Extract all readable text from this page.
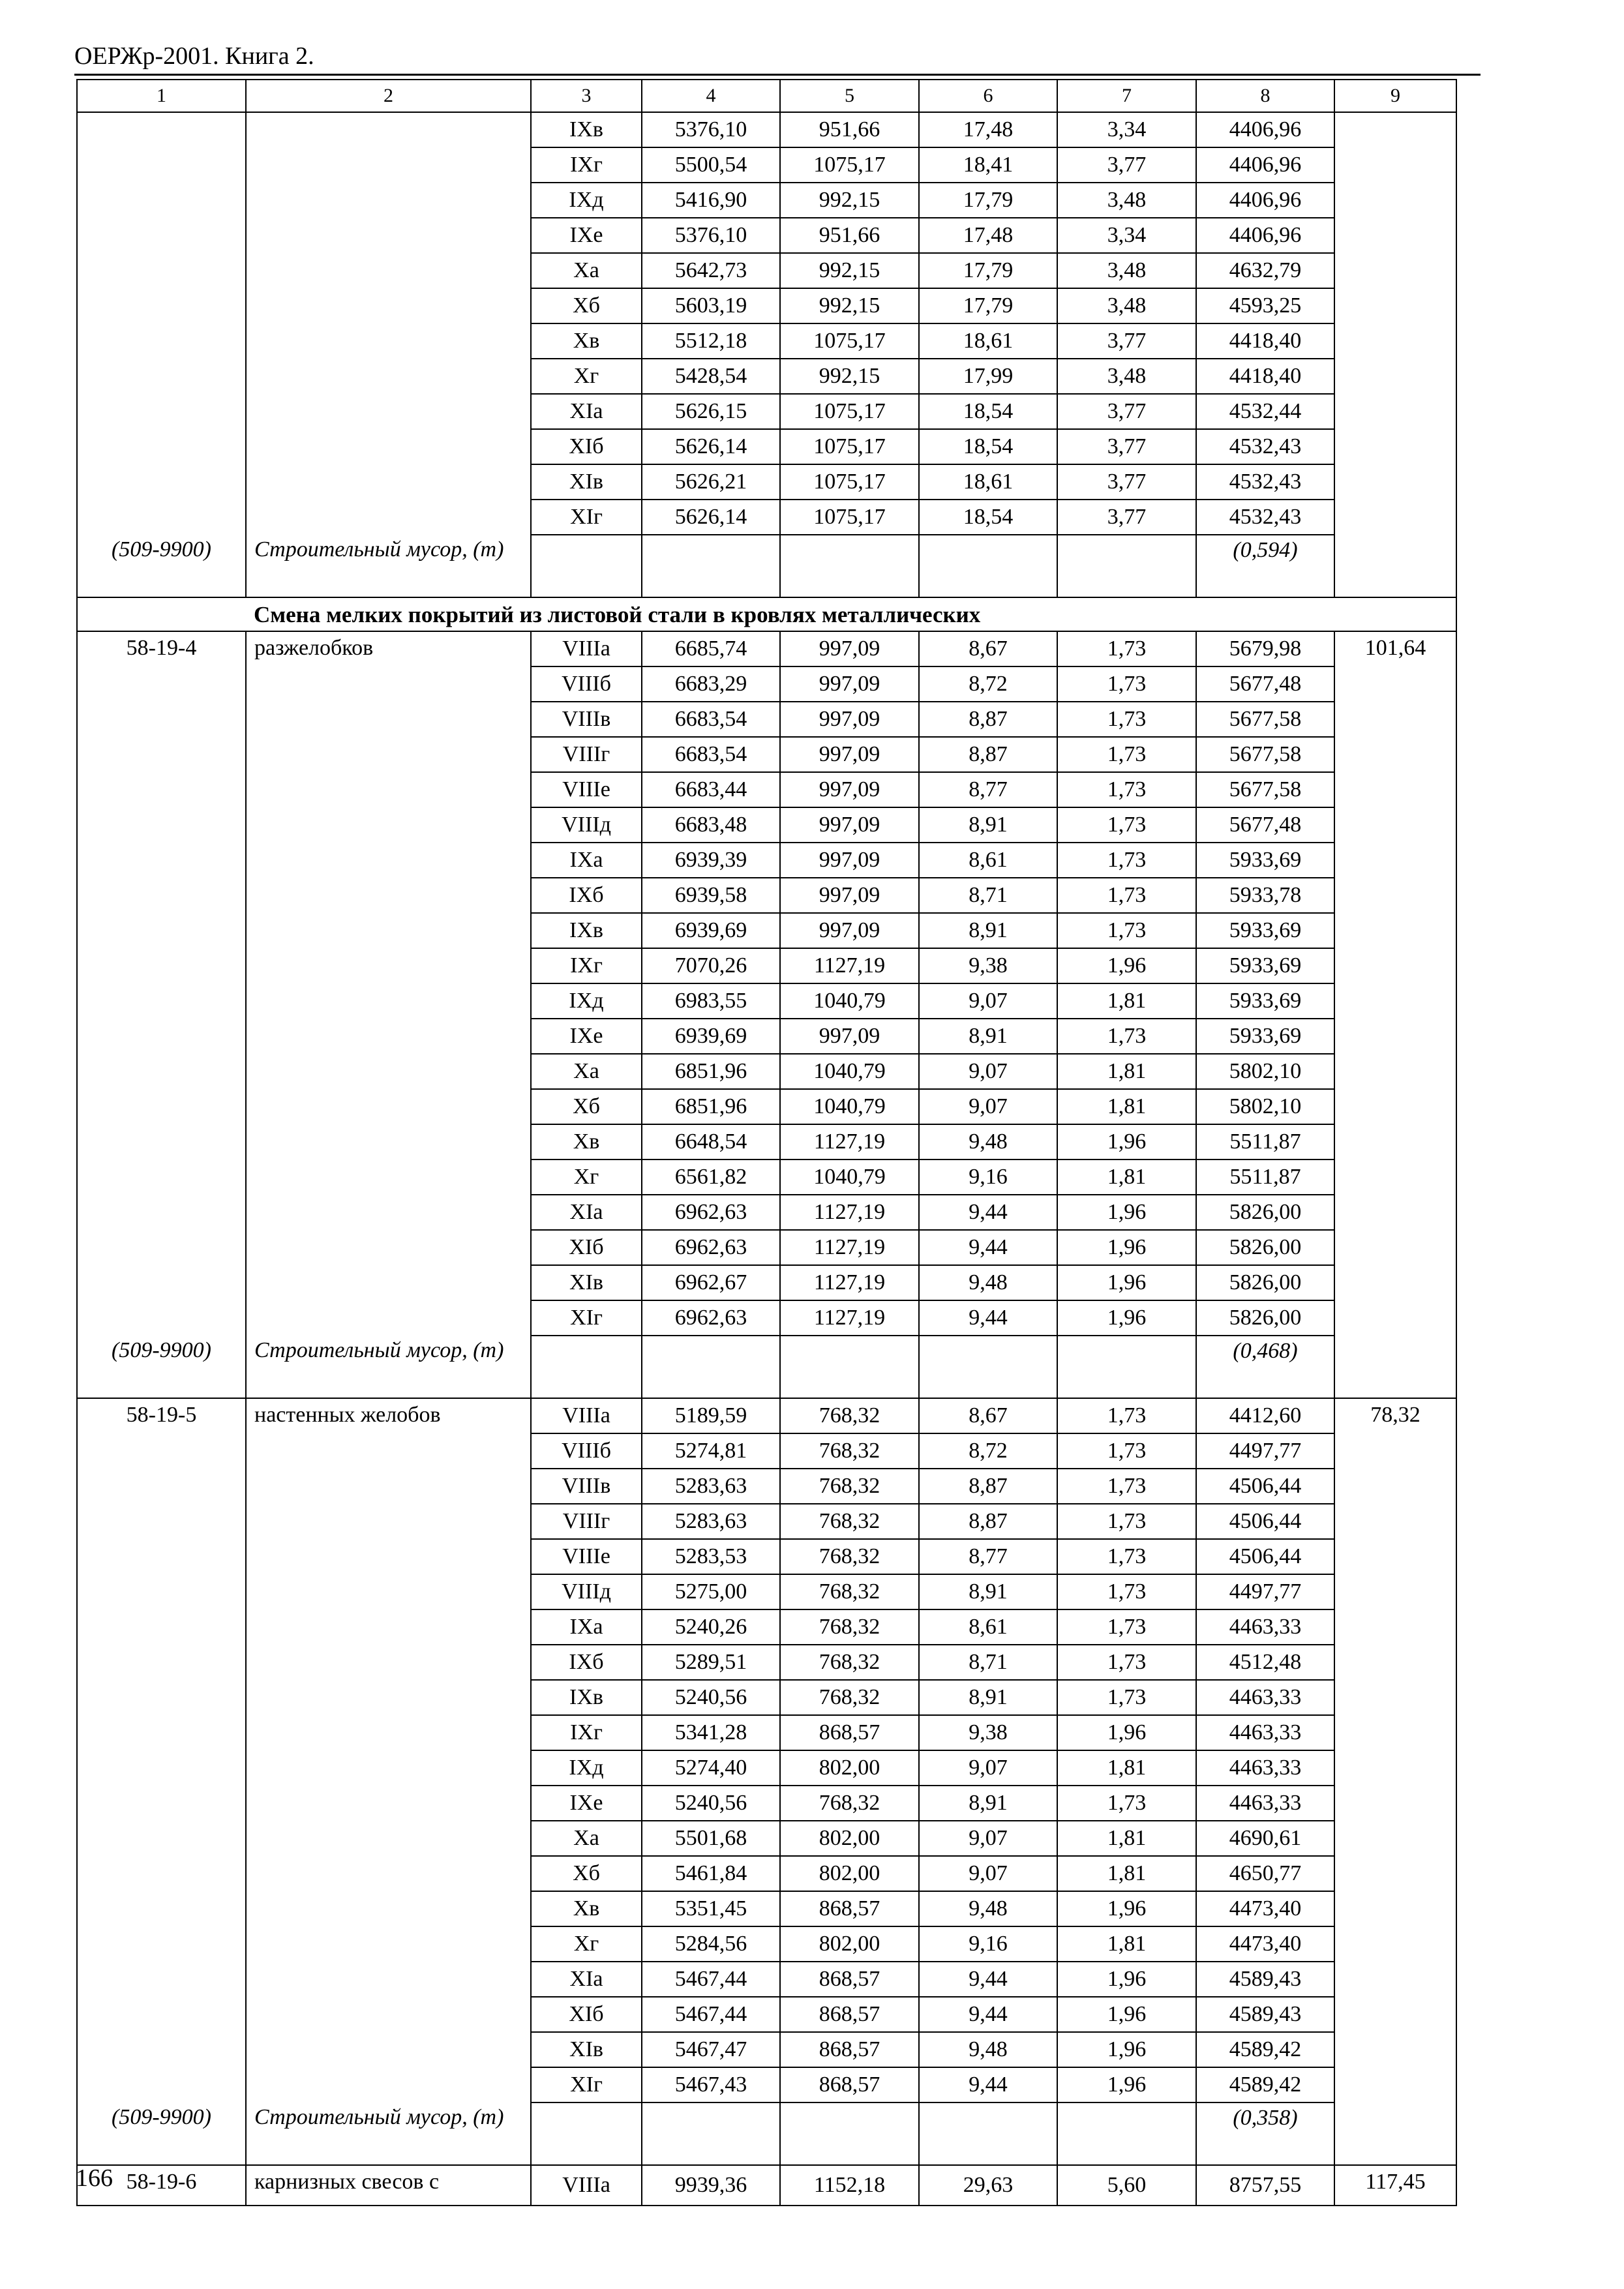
ОЕРЖр-2001. Книга 2.
1	2	3	4	5	6	7	8	9
		IXв	5376,10	951,66	17,48	3,34	4406,96	
		IXг	5500,54	1075,17	18,41	3,77	4406,96	
		IXд	5416,90	992,15	17,79	3,48	4406,96	
		IXе	5376,10	951,66	17,48	3,34	4406,96	
		Xа	5642,73	992,15	17,79	3,48	4632,79	
		Xб	5603,19	992,15	17,79	3,48	4593,25	
		Xв	5512,18	1075,17	18,61	3,77	4418,40	
		Xг	5428,54	992,15	17,99	3,48	4418,40	
		XIа	5626,15	1075,17	18,54	3,77	4532,44	
		XIб	5626,14	1075,17	18,54	3,77	4532,43	
		XIв	5626,21	1075,17	18,61	3,77	4532,43	
		XIг	5626,14	1075,17	18,54	3,77	4532,43	
(509-9900)	Строительный мусор, (т)						(0,594)	
Смена мелких покрытий из листовой стали в кровлях металлических								
58-19-4	разжелобков	VIIIа	6685,74	997,09	8,67	1,73	5679,98	101,64
		VIIIб	6683,29	997,09	8,72	1,73	5677,48	
		VIIIв	6683,54	997,09	8,87	1,73	5677,58	
		VIIIг	6683,54	997,09	8,87	1,73	5677,58	
		VIIIе	6683,44	997,09	8,77	1,73	5677,58	
		VIIIд	6683,48	997,09	8,91	1,73	5677,48	
		IXа	6939,39	997,09	8,61	1,73	5933,69	
		IXб	6939,58	997,09	8,71	1,73	5933,78	
		IXв	6939,69	997,09	8,91	1,73	5933,69	
		IXг	7070,26	1127,19	9,38	1,96	5933,69	
		IXд	6983,55	1040,79	9,07	1,81	5933,69	
		IXе	6939,69	997,09	8,91	1,73	5933,69	
		Xа	6851,96	1040,79	9,07	1,81	5802,10	
		Xб	6851,96	1040,79	9,07	1,81	5802,10	
		Xв	6648,54	1127,19	9,48	1,96	5511,87	
		Xг	6561,82	1040,79	9,16	1,81	5511,87	
		XIа	6962,63	1127,19	9,44	1,96	5826,00	
		XIб	6962,63	1127,19	9,44	1,96	5826,00	
		XIв	6962,67	1127,19	9,48	1,96	5826,00	
		XIг	6962,63	1127,19	9,44	1,96	5826,00	
(509-9900)	Строительный мусор, (т)						(0,468)	
58-19-5	настенных желобов	VIIIа	5189,59	768,32	8,67	1,73	4412,60	78,32
		VIIIб	5274,81	768,32	8,72	1,73	4497,77	
		VIIIв	5283,63	768,32	8,87	1,73	4506,44	
		VIIIг	5283,63	768,32	8,87	1,73	4506,44	
		VIIIе	5283,53	768,32	8,77	1,73	4506,44	
		VIIIд	5275,00	768,32	8,91	1,73	4497,77	
		IXа	5240,26	768,32	8,61	1,73	4463,33	
		IXб	5289,51	768,32	8,71	1,73	4512,48	
		IXв	5240,56	768,32	8,91	1,73	4463,33	
		IXг	5341,28	868,57	9,38	1,96	4463,33	
		IXд	5274,40	802,00	9,07	1,81	4463,33	
		IXе	5240,56	768,32	8,91	1,73	4463,33	
		Xа	5501,68	802,00	9,07	1,81	4690,61	
		Xб	5461,84	802,00	9,07	1,81	4650,77	
		Xв	5351,45	868,57	9,48	1,96	4473,40	
		Xг	5284,56	802,00	9,16	1,81	4473,40	
		XIа	5467,44	868,57	9,44	1,96	4589,43	
		XIб	5467,44	868,57	9,44	1,96	4589,43	
		XIв	5467,47	868,57	9,48	1,96	4589,42	
		XIг	5467,43	868,57	9,44	1,96	4589,42	
(509-9900)	Строительный мусор, (т)						(0,358)	
58-19-6	карнизных свесов с	VIIIа	9939,36	1152,18	29,63	5,60	8757,55	117,45
166
